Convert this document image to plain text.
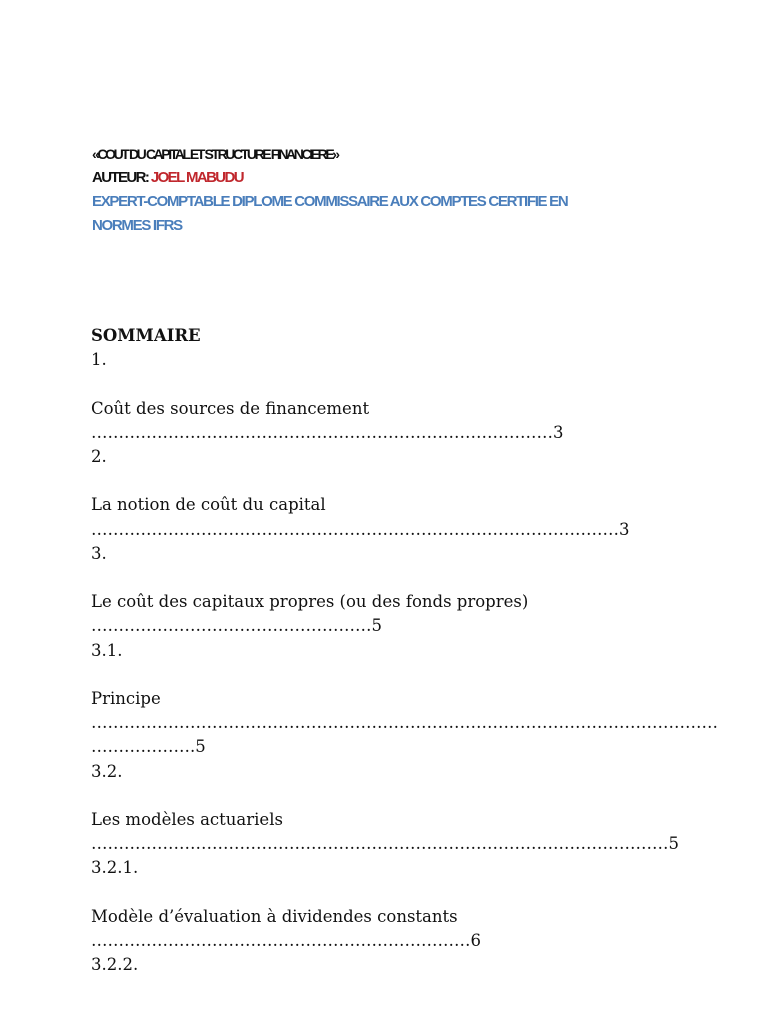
«COUT DU CAPITAL ET STRUCTURE FINANCIERE»
AUTEUR: JOEL MABUDU
EXPERT-COMPTABLE DIPLOME COMMISSAIRE AUX COMPTES CERTIFIE EN
NORMES IFRS
SOMMAIRE
1.
Coût des sources de financement
…………………………………………………………………………3
2.
La notion de coût du capital
……………………………………………………………………………………3
3.
Le coût des capitaux propres (ou des fonds propres)
……………………………………………5
3.1.
Principe
……………………………………………………………………………………………………
……………….5
3.2.
Les modèles actuariels
……………………………………………………………………………………………5
3.2.1.
Modèle d’évaluation à dividendes constants
……………………………………………………………6
3.2.2.
